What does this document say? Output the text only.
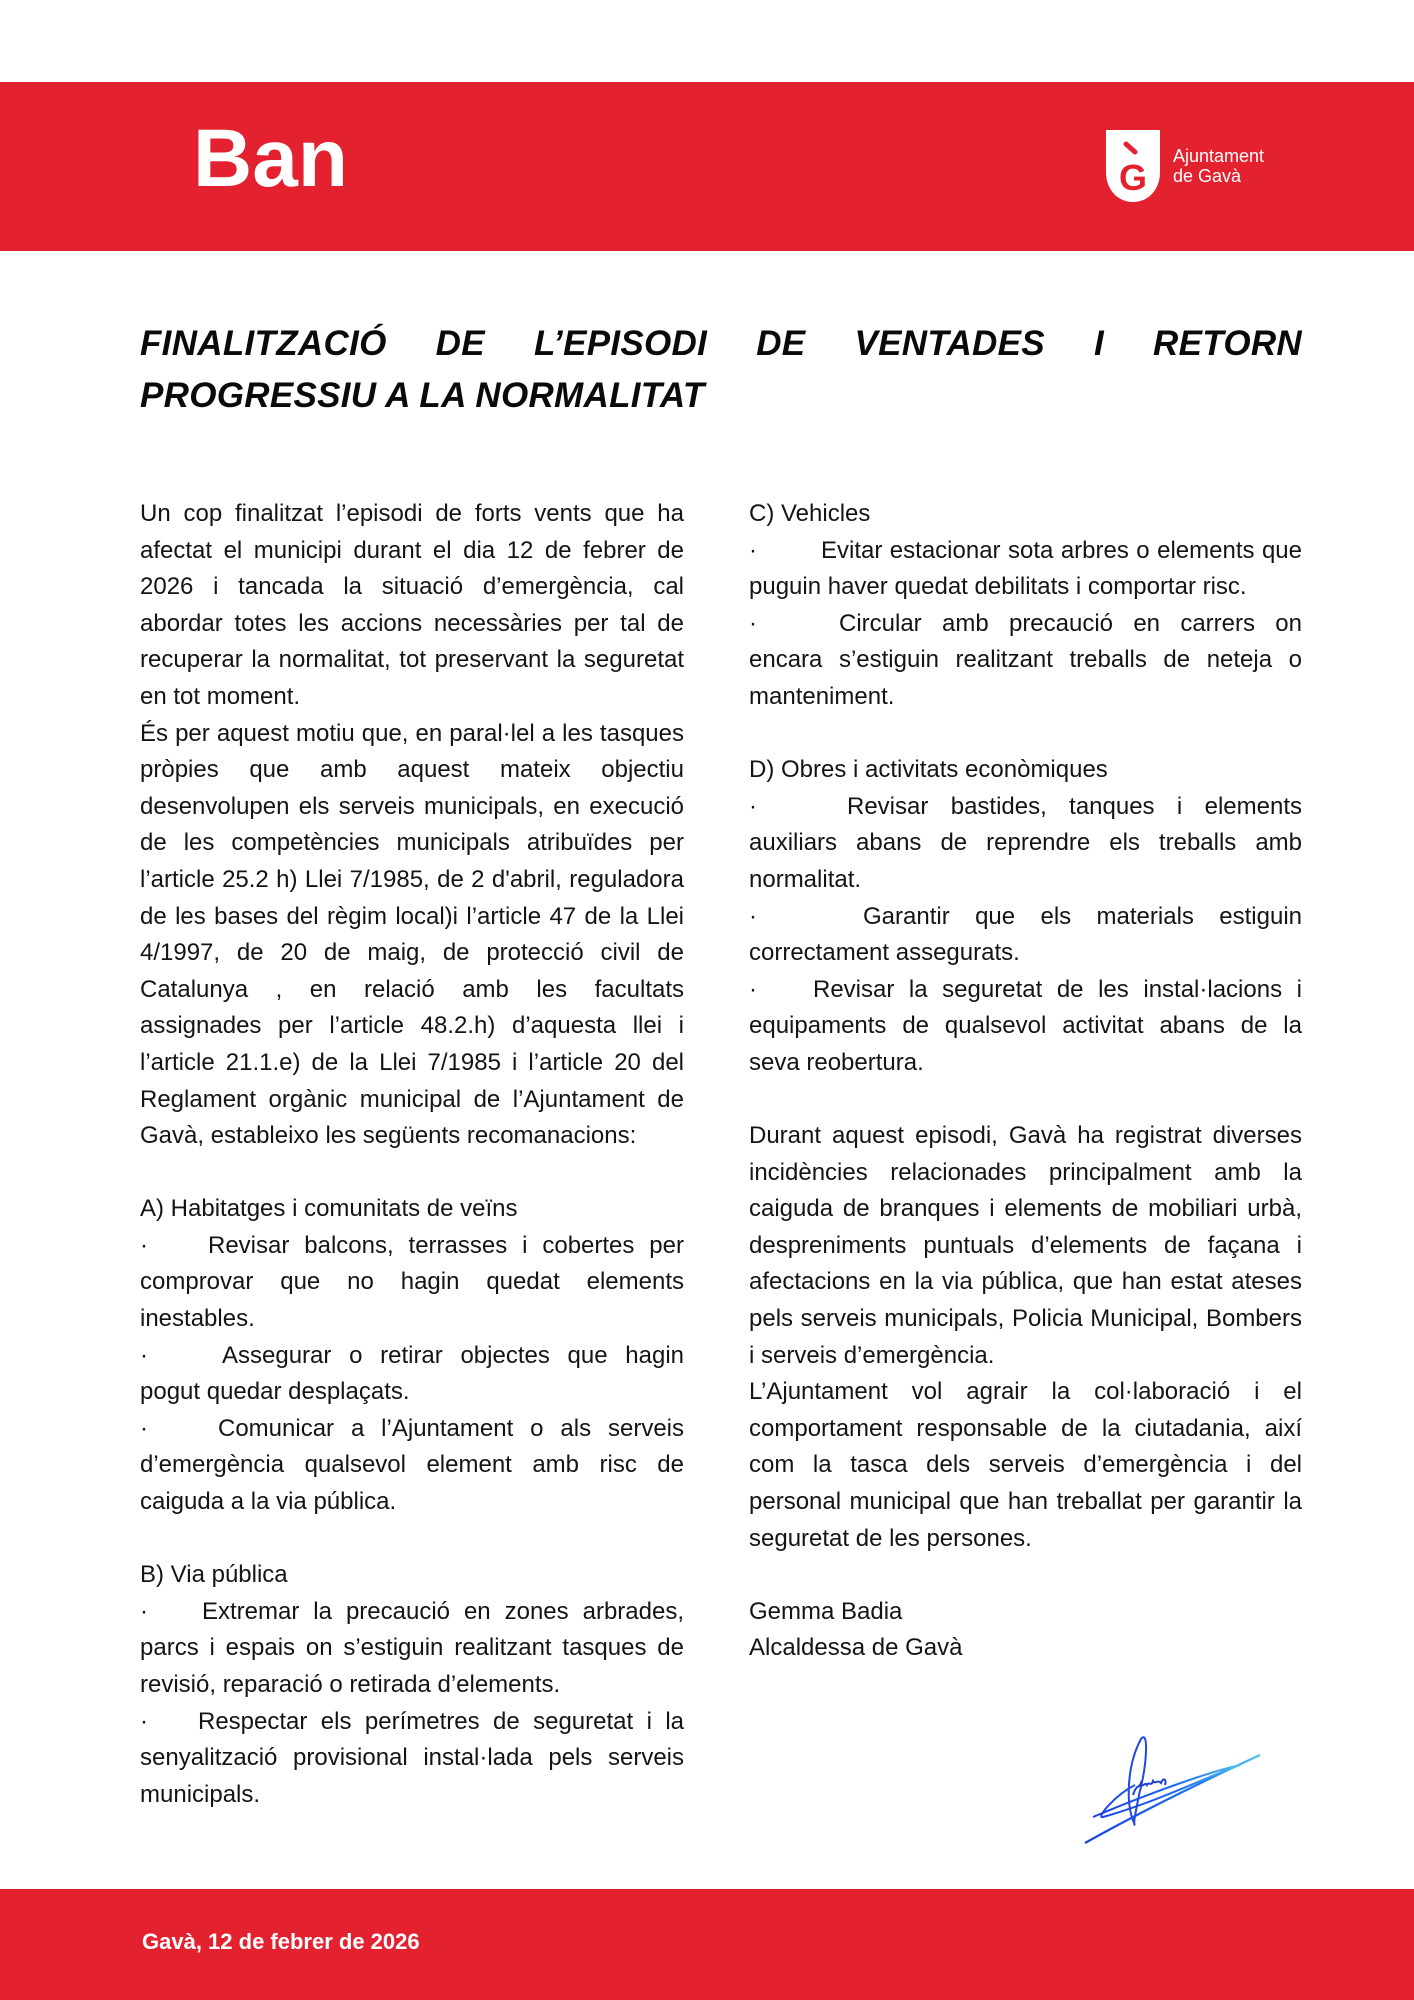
Ban	G
Ajuntament
de Gavà
FINALITZACIÓ DE L’EPISODI DE VENTADES I RETORN PROGRESSIU A LA NORMALITAT

Un cop finalitzat l’episodi de forts vents que ha afectat el municipi durant el dia 12 de febrer de 2026 i tancada la situació d’emergència, cal abordar totes les accions necessàries per tal de recuperar la normalitat, tot preservant la seguretat en tot moment.

És per aquest motiu que, en paral·lel a les tasques pròpies que amb aquest mateix objectiu desenvolupen els serveis municipals, en execució de les competències municipals atribuïdes per l’article 25.2 h) Llei 7/1985, de 2 d'abril, reguladora de les bases del règim local)i l’article 47 de la Llei 4/1997, de 20 de maig, de protecció civil de Catalunya , en relació amb les facultats assignades per l’article 48.2.h) d’aquesta llei i l’article 21.1.e) de la Llei 7/1985 i l’article 20 del Reglament orgànic municipal de l’Ajuntament de Gavà, estableixo les següents recomanacions:

A) Habitatges i comunitats de veïns

·	Revisar balcons, terrasses i cobertes per comprovar que no hagin quedat elements inestables.

·	Assegurar o retirar objectes que hagin pogut quedar desplaçats.

·	Comunicar a l’Ajuntament o als serveis d’emergència qualsevol element amb risc de caiguda a la via pública.

B) Via pública

· Extremar la precaució en zones arbrades, parcs i espais on s’estiguin realitzant tasques de revisió, reparació o retirada d’elements.

· Respectar els perímetres de seguretat i la senyalització provisional instal·lada pels serveis municipals.

C) Vehicles

·	Evitar estacionar sota arbres o elements que puguin haver quedat debilitats i comportar risc.

·	Circular amb precaució en carrers on encara s’estiguin realitzant treballs de neteja o manteniment.

D) Obres i activitats econòmiques

·	Revisar bastides, tanques i elements auxiliars abans de reprendre els treballs amb normalitat.

·	Garantir que els materials estiguin correctament assegurats.

· Revisar la seguretat de les instal·lacions i equipaments de qualsevol activitat abans de la seva reobertura.

Durant aquest episodi, Gavà ha registrat diverses incidències relacionades principalment amb la caiguda de branques i elements de mobiliari urbà, despreniments puntuals d’elements de façana i afectacions en la via pública, que han estat ateses pels serveis municipals, Policia Municipal, Bombers i serveis d’emergència.

L’Ajuntament vol agrair la col·laboració i el comportament responsable de la ciutadania, així com la tasca dels serveis d’emergència i del personal municipal que han treballat per garantir la seguretat de les persones.

Gemma Badia

Alcaldessa de Gavà

Gavà, 12 de febrer de 2026
